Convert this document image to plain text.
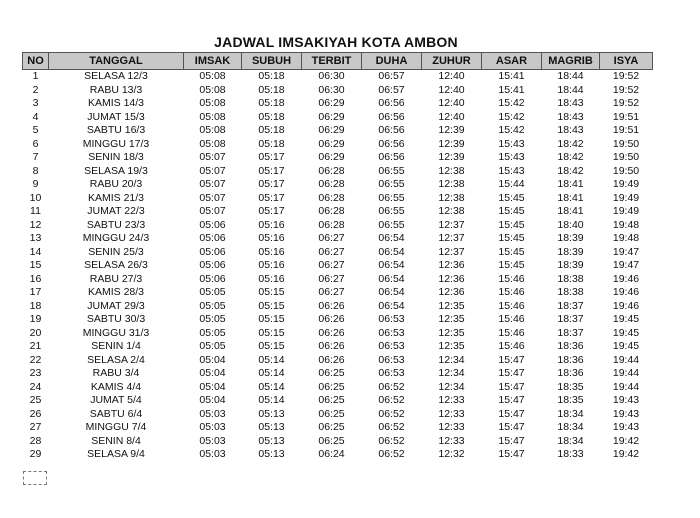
JADWAL IMSAKIYAH KOTA AMBON
NO	TANGGAL	IMSAK	SUBUH	TERBIT	DUHA	ZUHUR	ASAR	MAGRIB	ISYA
1	SELASA 12/3	05:08	05:18	06:30	06:57	12:40	15:41	18:44	19:52
2	RABU 13/3	05:08	05:18	06:30	06:57	12:40	15:41	18:44	19:52
3	KAMIS 14/3	05:08	05:18	06:29	06:56	12:40	15:42	18:43	19:52
4	JUMAT 15/3	05:08	05:18	06:29	06:56	12:40	15:42	18:43	19:51
5	SABTU 16/3	05:08	05:18	06:29	06:56	12:39	15:42	18:43	19:51
6	MINGGU 17/3	05:08	05:18	06:29	06:56	12:39	15:43	18:42	19:50
7	SENIN 18/3	05:07	05:17	06:29	06:56	12:39	15:43	18:42	19:50
8	SELASA 19/3	05:07	05:17	06:28	06:55	12:38	15:43	18:42	19:50
9	RABU 20/3	05:07	05:17	06:28	06:55	12:38	15:44	18:41	19:49
10	KAMIS 21/3	05:07	05:17	06:28	06:55	12:38	15:45	18:41	19:49
11	JUMAT 22/3	05:07	05:17	06:28	06:55	12:38	15:45	18:41	19:49
12	SABTU 23/3	05:06	05:16	06:28	06:55	12:37	15:45	18:40	19:48
13	MINGGU 24/3	05:06	05:16	06:27	06:54	12:37	15:45	18:39	19:48
14	SENIN 25/3	05:06	05:16	06:27	06:54	12:37	15:45	18:39	19:47
15	SELASA 26/3	05:06	05:16	06:27	06:54	12:36	15:45	18:39	19:47
16	RABU 27/3	05:06	05:16	06:27	06:54	12:36	15:46	18:38	19:46
17	KAMIS 28/3	05:05	05:15	06:27	06:54	12:36	15:46	18:38	19:46
18	JUMAT 29/3	05:05	05:15	06:26	06:54	12:35	15:46	18:37	19:46
19	SABTU 30/3	05:05	05:15	06:26	06:53	12:35	15:46	18:37	19:45
20	MINGGU 31/3	05:05	05:15	06:26	06:53	12:35	15:46	18:37	19:45
21	SENIN 1/4	05:05	05:15	06:26	06:53	12:35	15:46	18:36	19:45
22	SELASA 2/4	05:04	05:14	06:26	06:53	12:34	15:47	18:36	19:44
23	RABU 3/4	05:04	05:14	06:25	06:53	12:34	15:47	18:36	19:44
24	KAMIS 4/4	05:04	05:14	06:25	06:52	12:34	15:47	18:35	19:44
25	JUMAT 5/4	05:04	05:14	06:25	06:52	12:33	15:47	18:35	19:43
26	SABTU 6/4	05:03	05:13	06:25	06:52	12:33	15:47	18:34	19:43
27	MINGGU 7/4	05:03	05:13	06:25	06:52	12:33	15:47	18:34	19:43
28	SENIN 8/4	05:03	05:13	06:25	06:52	12:33	15:47	18:34	19:42
29	SELASA 9/4	05:03	05:13	06:24	06:52	12:32	15:47	18:33	19:42
